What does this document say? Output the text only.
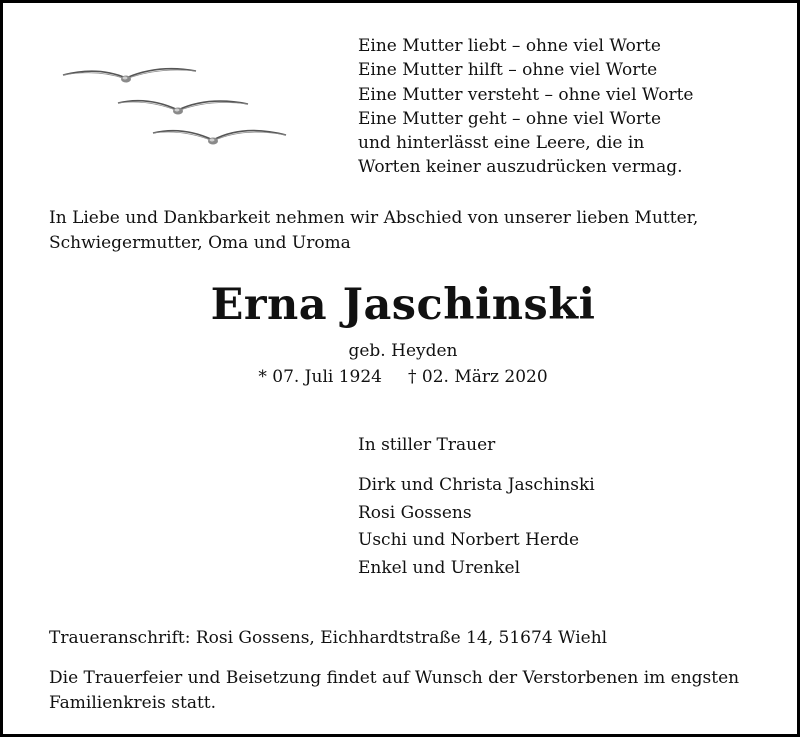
Eine Mutter liebt – ohne viel Worte
Eine Mutter hilft – ohne viel Worte
Eine Mutter versteht – ohne viel Worte
Eine Mutter geht – ohne viel Worte
und hinterlässt eine Leere, die in
Worten keiner auszudrücken vermag.
In Liebe und Dankbarkeit nehmen wir Abschied von unserer lieben Mutter,
Schwiegermutter, Oma und Uroma
Erna Jaschinski
geb. Heyden
* 07. Juli 1924 † 02. März 2020
In stiller Trauer
Dirk und Christa Jaschinski
Rosi Gossens
Uschi und Norbert Herde
Enkel und Urenkel
Traueranschrift: Rosi Gossens, Eichhardtstraße 14, 51674 Wiehl
Die Trauerfeier und Beisetzung findet auf Wunsch der Verstorbenen im engsten
Familienkreis statt.
